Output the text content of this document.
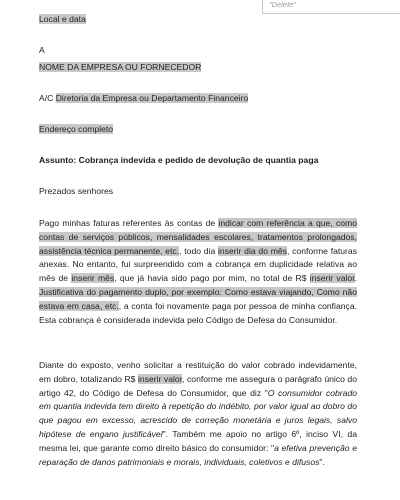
"Delete"
Local e data
A
NOME DA EMPRESA OU FORNECEDOR
A/C Diretoria da Empresa ou Departamento Financeiro
Endereço completo
Assunto: Cobrança indevida e pedido de devolução de quantia paga
Prezados senhores
Pago minhas faturas referentes às contas de indicar com referência a que, como contas de serviços públicos, mensalidades escolares, tratamentos prolongados, assistência técnica permanente, etc., todo dia inserir dia do mês, conforme faturas anexas. No entanto, fui surpreendido com a cobrança em duplicidade relativa ao mês de inserir mês, que já havia sido pago por mim, no total de R$ inserir valor. Justificativa do pagamento duplo, por exemplo: Como estava viajando, Como não estava em casa, etc., a conta foi novamente paga por pessoa de minha confiança. Esta cobrança é considerada indevida pelo Código de Defesa do Consumidor.
Diante do exposto, venho solicitar a restituição do valor cobrado indevidamente, em dobro, totalizando R$ inserir valor, conforme me assegura o parágrafo único do artigo 42, do Código de Defesa do Consumidor, que diz "O consumidor cobrado em quantia indevida tem direito à repetição do indébito, por valor igual ao dobro do que pagou em excesso, acrescido de correção monetária e juros legais, salvo hipótese de engano justificável". Também me apoio no artigo 6º, inciso VI, da mesma lei, que garante como direito básico do consumidor: "a efetiva prevenção e reparação de danos patrimoniais e morais, individuais, coletivos e difusos".
